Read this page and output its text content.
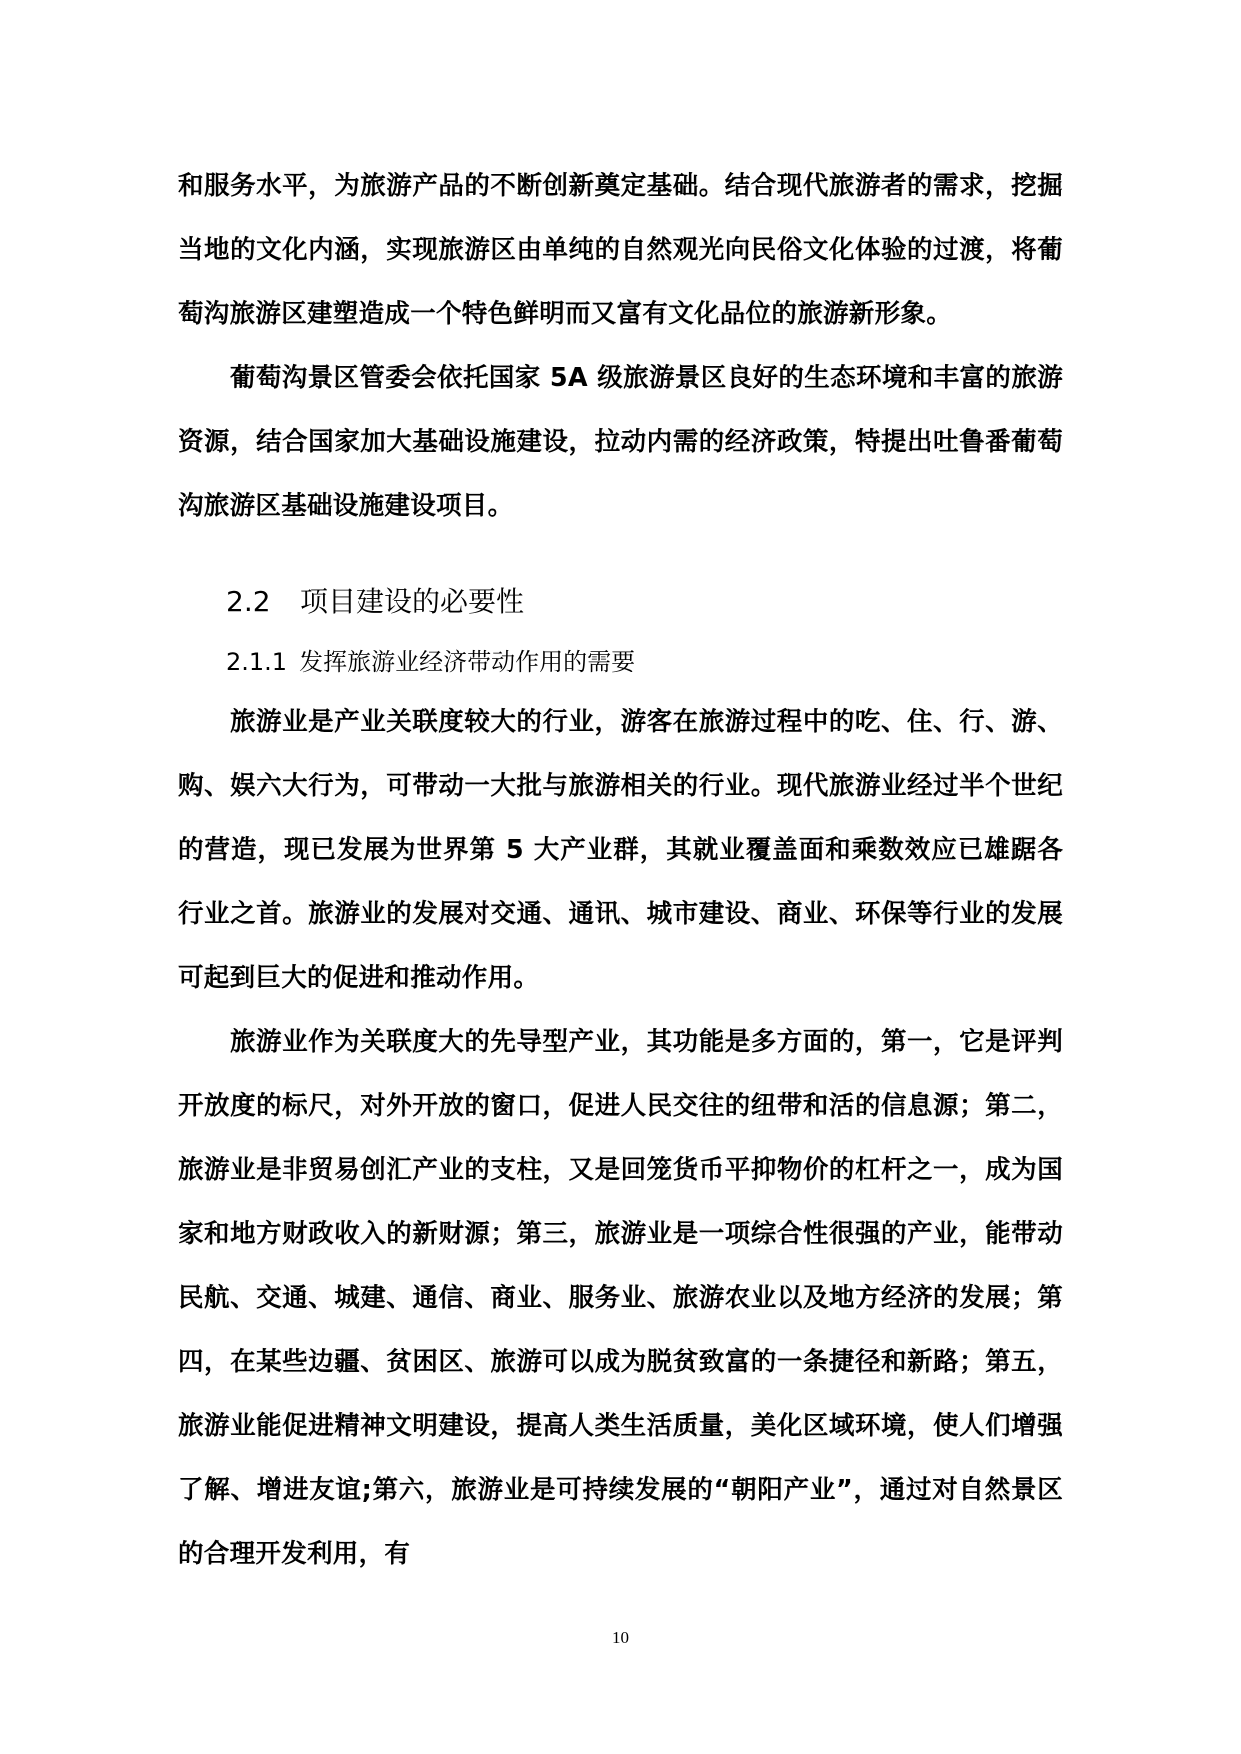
和服务水平，为旅游产品的不断创新奠定基础。结合现代旅游者的需求，挖掘当地的文化内涵，实现旅游区由单纯的自然观光向民俗文化体验的过渡，将葡萄沟旅游区建塑造成一个特色鲜明而又富有文化品位的旅游新形象。

葡萄沟景区管委会依托国家 5A 级旅游景区良好的生态环境和丰富的旅游资源，结合国家加大基础设施建设，拉动内需的经济政策，特提出吐鲁番葡萄沟旅游区基础设施建设项目。

2.2 项目建设的必要性
2.1.1 发挥旅游业经济带动作用的需要

旅游业是产业关联度较大的行业，游客在旅游过程中的吃、住、行、游、购、娱六大行为，可带动一大批与旅游相关的行业。现代旅游业经过半个世纪的营造，现已发展为世界第 5 大产业群，其就业覆盖面和乘数效应已雄踞各行业之首。旅游业的发展对交通、通讯、城市建设、商业、环保等行业的发展可起到巨大的促进和推动作用。

旅游业作为关联度大的先导型产业，其功能是多方面的，第一，它是评判开放度的标尺，对外开放的窗口，促进人民交往的纽带和活的信息源；第二，旅游业是非贸易创汇产业的支柱，又是回笼货币平抑物价的杠杆之一，成为国家和地方财政收入的新财源；第三，旅游业是一项综合性很强的产业，能带动民航、交通、城建、通信、商业、服务业、旅游农业以及地方经济的发展；第四，在某些边疆、贫困区、旅游可以成为脱贫致富的一条捷径和新路；第五，旅游业能促进精神文明建设，提高人类生活质量，美化区域环境，使人们增强了解、增进友谊;第六，旅游业是可持续发展的“朝阳产业”，通过对自然景区的合理开发利用，有

10
